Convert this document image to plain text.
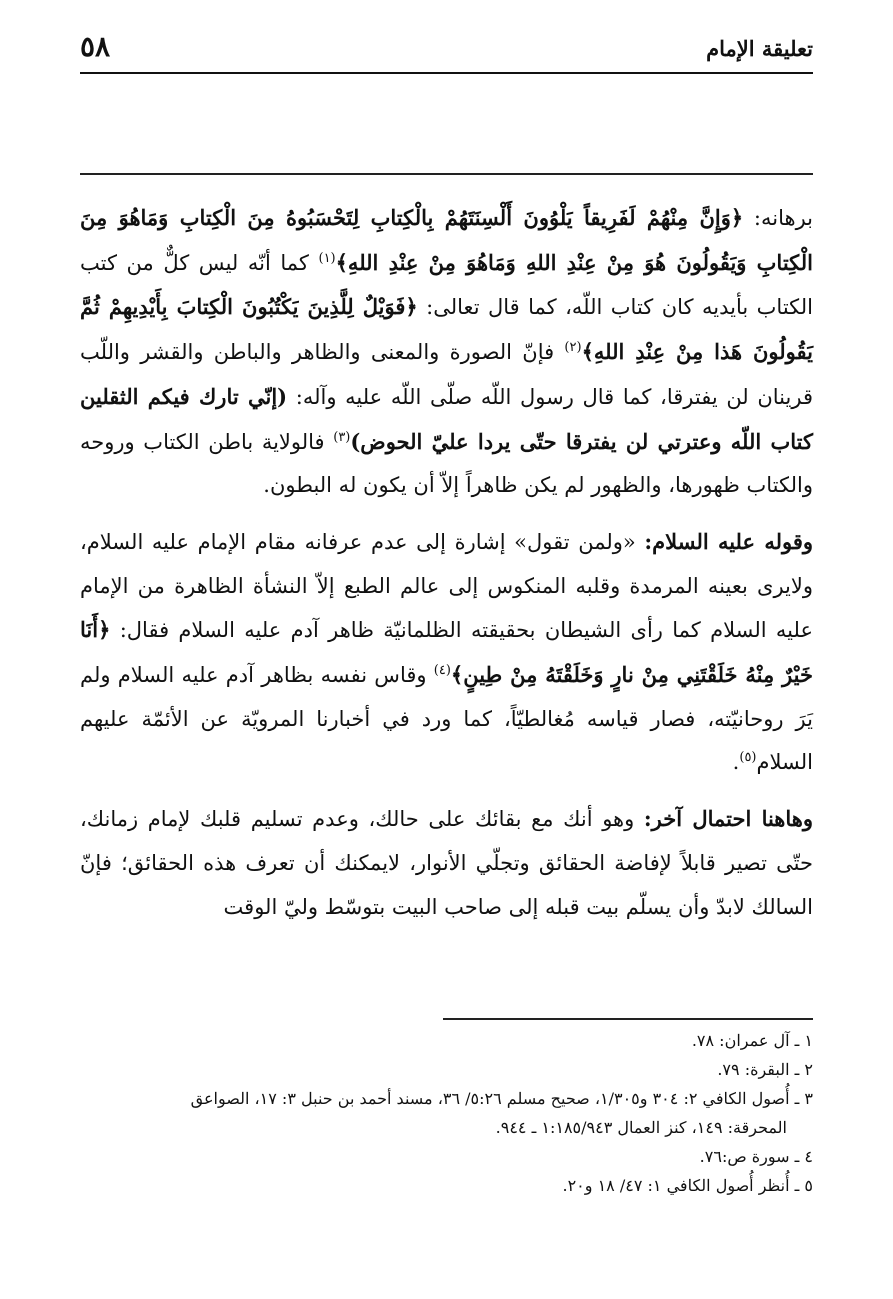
تعليقة الإمام
٥٨

برهانه: ﴿وَإِنَّ مِنْهُمْ لَفَرِيقاً يَلْوُونَ أَلْسِنَتَهُمْ بِالْكِتابِ لِتَحْسَبُوهُ مِنَ الْكِتابِ وَمَاهُوَ مِنَ الْكِتابِ وَيَقُولُونَ هُوَ مِنْ عِنْدِ اللهِ وَمَاهُوَ مِنْ عِنْدِ اللهِ﴾$^{(١)}$ كما أنّه ليس كلٌّ من كتب الكتاب بأيديه كان كتاب اللّه، كما قال تعالى: ﴿فَوَيْلٌ لِلَّذِينَ يَكْتُبُونَ الْكِتابَ بِأَيْدِيهِمْ ثُمَّ يَقُولُونَ هَذا مِنْ عِنْدِ اللهِ﴾$^{(٢)}$ فإنّ الصورة والمعنى والظاهر والباطن والقشر واللّب قرينان لن يفترقا، كما قال رسول اللّه صلّى اللّه عليه وآله: (إنّي تارك فيكم الثقلين كتاب اللّه وعترتي لن يفترقا حتّى يردا عليّ الحوض)$^{(٣)}$ فالولاية باطن الكتاب وروحه والكتاب ظهورها، والظهور لم يكن ظاهراً إلاّ أن يكون له البطون.

وقوله عليه السلام: «ولمن تقول» إشارة إلى عدم عرفانه مقام الإمام عليه السلام، ولايرى بعينه المرمدة وقلبه المنكوس إلى عالم الطبع إلاّ النشأة الظاهرة من الإمام عليه السلام كما رأى الشيطان بحقيقته الظلمانيّة ظاهر آدم عليه السلام فقال: ﴿أَنَا خَيْرٌ مِنْهُ خَلَقْتَنِي مِنْ نارٍ وَخَلَقْتَهُ مِنْ طِينٍ﴾$^{(٤)}$ وقاس نفسه بظاهر آدم عليه السلام ولم يَرَ روحانيّته، فصار قياسه مُغالطيّاً، كما ورد في أخبارنا المرويّة عن الأئمّة عليهم السلام$^{(٥)}$.

وهاهنا احتمال آخر: وهو أنك مع بقائك على حالك، وعدم تسليم قلبك لإمام زمانك، حتّى تصير قابلاً لإفاضة الحقائق وتجلّي الأنوار، لايمكنك أن تعرف هذه الحقائق؛ فإنّ السالك لابدّ وأن يسلّم بيت قبله إلى صاحب البيت بتوسّط وليّ الوقت

١ ـ آل عمران: ٧٨.
٢ ـ البقرة: ٧٩.
٣ ـ أُصول الكافي ٢: ٣٠٤ و١/٣٠٥، صحيح مسلم ٥:٢٦/ ٣٦، مسند أحمد بن حنبل ٣: ١٧، الصواعق
المحرقة: ١٤٩، كنز العمال ١:١٨٥/٩٤٣ ـ ٩٤٤.
٤ ـ سورة ص:٧٦.
٥ ـ أُنظر أُصول الكافي ١: ٤٧/ ١٨ و٢٠.
